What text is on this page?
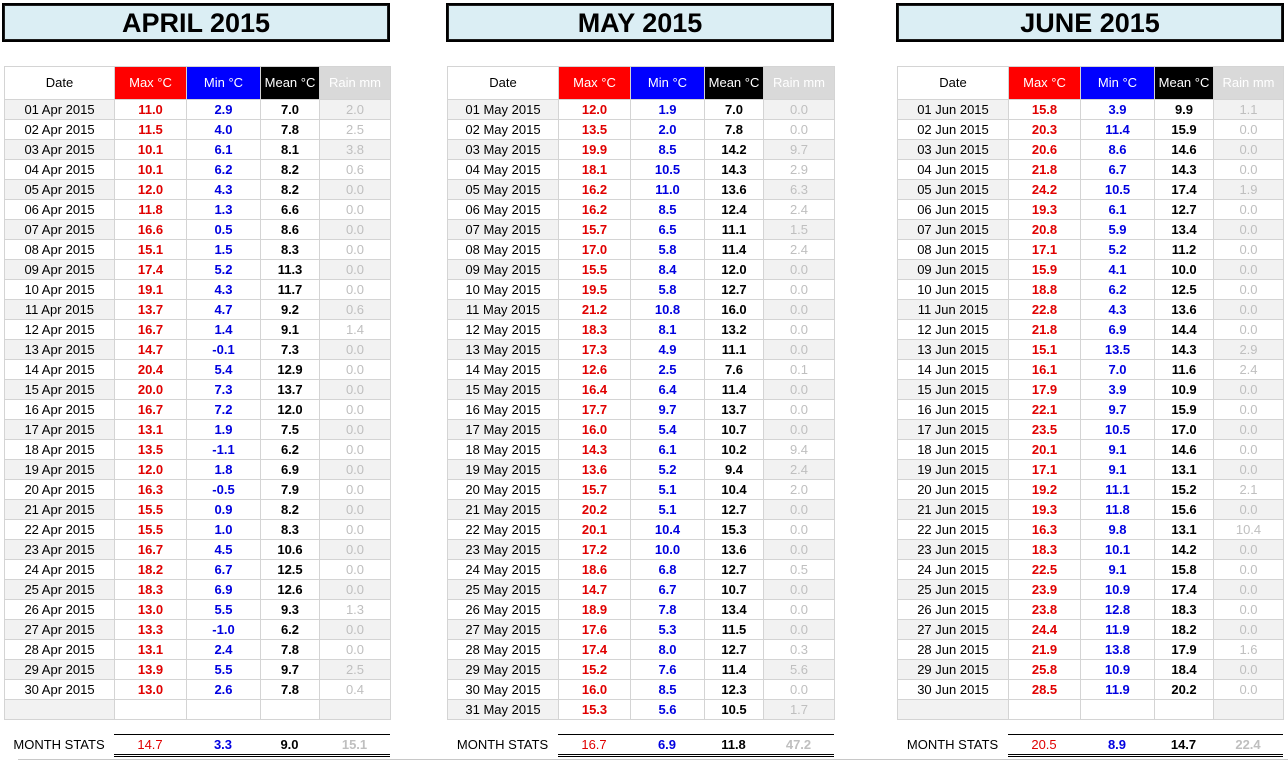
APRIL 2015
Date	Max °C	Min °C	Mean °C	Rain mm
01 Apr 2015	11.0	2.9	7.0	2.0
02 Apr 2015	11.5	4.0	7.8	2.5
03 Apr 2015	10.1	6.1	8.1	3.8
04 Apr 2015	10.1	6.2	8.2	0.6
05 Apr 2015	12.0	4.3	8.2	0.0
06 Apr 2015	11.8	1.3	6.6	0.0
07 Apr 2015	16.6	0.5	8.6	0.0
08 Apr 2015	15.1	1.5	8.3	0.0
09 Apr 2015	17.4	5.2	11.3	0.0
10 Apr 2015	19.1	4.3	11.7	0.0
11 Apr 2015	13.7	4.7	9.2	0.6
12 Apr 2015	16.7	1.4	9.1	1.4
13 Apr 2015	14.7	-0.1	7.3	0.0
14 Apr 2015	20.4	5.4	12.9	0.0
15 Apr 2015	20.0	7.3	13.7	0.0
16 Apr 2015	16.7	7.2	12.0	0.0
17 Apr 2015	13.1	1.9	7.5	0.0
18 Apr 2015	13.5	-1.1	6.2	0.0
19 Apr 2015	12.0	1.8	6.9	0.0
20 Apr 2015	16.3	-0.5	7.9	0.0
21 Apr 2015	15.5	0.9	8.2	0.0
22 Apr 2015	15.5	1.0	8.3	0.0
23 Apr 2015	16.7	4.5	10.6	0.0
24 Apr 2015	18.2	6.7	12.5	0.0
25 Apr 2015	18.3	6.9	12.6	0.0
26 Apr 2015	13.0	5.5	9.3	1.3
27 Apr 2015	13.3	-1.0	6.2	0.0
28 Apr 2015	13.1	2.4	7.8	0.0
29 Apr 2015	13.9	5.5	9.7	2.5
30 Apr 2015	13.0	2.6	7.8	0.4

MAY 2015
Date	Max °C	Min °C	Mean °C	Rain mm
01 May 2015	12.0	1.9	7.0	0.0
02 May 2015	13.5	2.0	7.8	0.0
03 May 2015	19.9	8.5	14.2	9.7
04 May 2015	18.1	10.5	14.3	2.9
05 May 2015	16.2	11.0	13.6	6.3
06 May 2015	16.2	8.5	12.4	2.4
07 May 2015	15.7	6.5	11.1	1.5
08 May 2015	17.0	5.8	11.4	2.4
09 May 2015	15.5	8.4	12.0	0.0
10 May 2015	19.5	5.8	12.7	0.0
11 May 2015	21.2	10.8	16.0	0.0
12 May 2015	18.3	8.1	13.2	0.0
13 May 2015	17.3	4.9	11.1	0.0
14 May 2015	12.6	2.5	7.6	0.1
15 May 2015	16.4	6.4	11.4	0.0
16 May 2015	17.7	9.7	13.7	0.0
17 May 2015	16.0	5.4	10.7	0.0
18 May 2015	14.3	6.1	10.2	9.4
19 May 2015	13.6	5.2	9.4	2.4
20 May 2015	15.7	5.1	10.4	2.0
21 May 2015	20.2	5.1	12.7	0.0
22 May 2015	20.1	10.4	15.3	0.0
23 May 2015	17.2	10.0	13.6	0.0
24 May 2015	18.6	6.8	12.7	0.5
25 May 2015	14.7	6.7	10.7	0.0
26 May 2015	18.9	7.8	13.4	0.0
27 May 2015	17.6	5.3	11.5	0.0
28 May 2015	17.4	8.0	12.7	0.3
29 May 2015	15.2	7.6	11.4	5.6
30 May 2015	16.0	8.5	12.3	0.0
31 May 2015	15.3	5.6	10.5	1.7
JUNE 2015
Date	Max °C	Min °C	Mean °C	Rain mm
01 Jun 2015	15.8	3.9	9.9	1.1
02 Jun 2015	20.3	11.4	15.9	0.0
03 Jun 2015	20.6	8.6	14.6	0.0
04 Jun 2015	21.8	6.7	14.3	0.0
05 Jun 2015	24.2	10.5	17.4	1.9
06 Jun 2015	19.3	6.1	12.7	0.0
07 Jun 2015	20.8	5.9	13.4	0.0
08 Jun 2015	17.1	5.2	11.2	0.0
09 Jun 2015	15.9	4.1	10.0	0.0
10 Jun 2015	18.8	6.2	12.5	0.0
11 Jun 2015	22.8	4.3	13.6	0.0
12 Jun 2015	21.8	6.9	14.4	0.0
13 Jun 2015	15.1	13.5	14.3	2.9
14 Jun 2015	16.1	7.0	11.6	2.4
15 Jun 2015	17.9	3.9	10.9	0.0
16 Jun 2015	22.1	9.7	15.9	0.0
17 Jun 2015	23.5	10.5	17.0	0.0
18 Jun 2015	20.1	9.1	14.6	0.0
19 Jun 2015	17.1	9.1	13.1	0.0
20 Jun 2015	19.2	11.1	15.2	2.1
21 Jun 2015	19.3	11.8	15.6	0.0
22 Jun 2015	16.3	9.8	13.1	10.4
23 Jun 2015	18.3	10.1	14.2	0.0
24 Jun 2015	22.5	9.1	15.8	0.0
25 Jun 2015	23.9	10.9	17.4	0.0
26 Jun 2015	23.8	12.8	18.3	0.0
27 Jun 2015	24.4	11.9	18.2	0.0
28 Jun 2015	21.9	13.8	17.9	1.6
29 Jun 2015	25.8	10.9	18.4	0.0
30 Jun 2015	28.5	11.9	20.2	0.0

MONTH STATS	14.7	3.3	9.0	15.1	MONTH STATS	16.7	6.9	11.8	47.2	MONTH STATS	20.5	8.9	14.7	22.4
